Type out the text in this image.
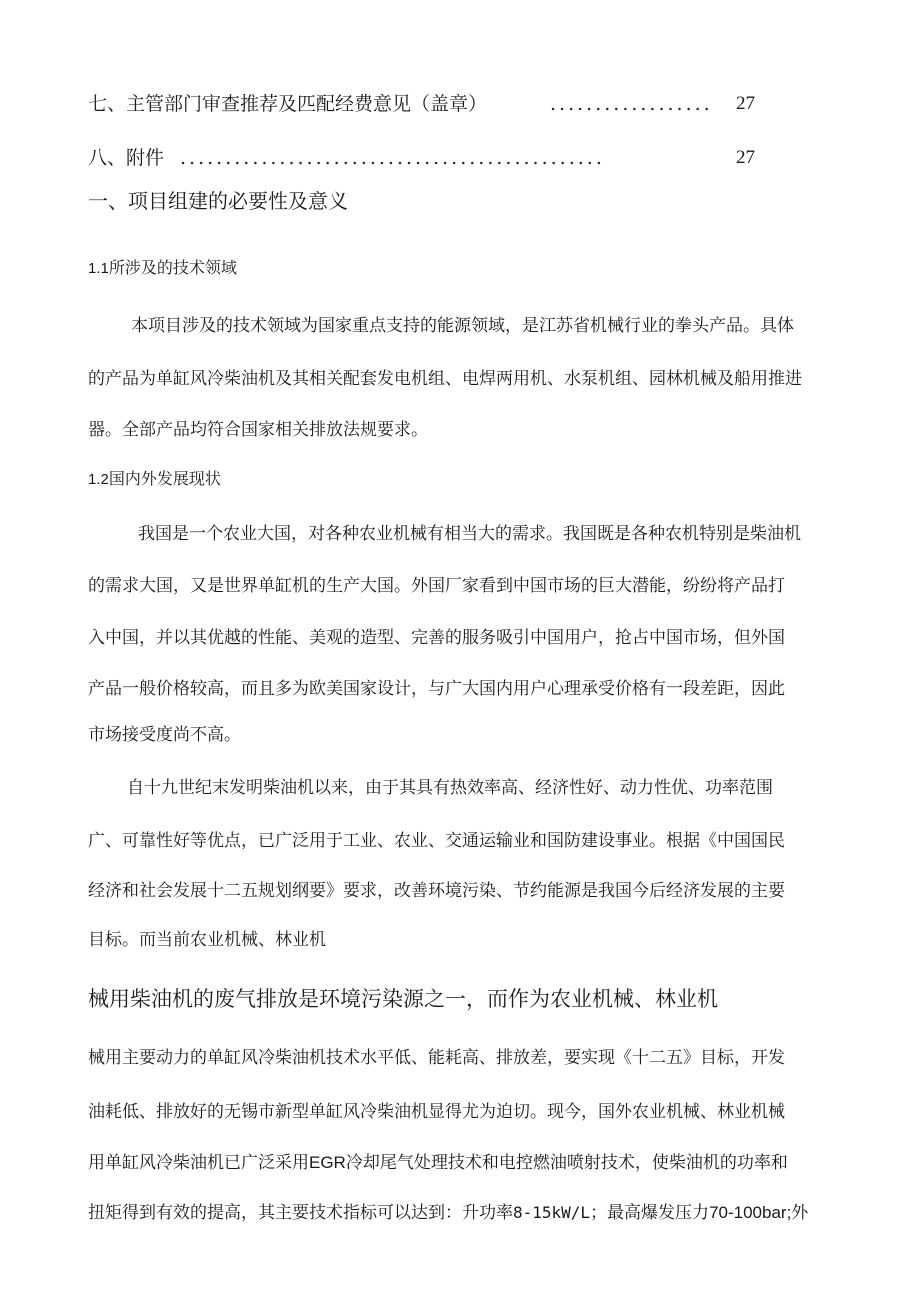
七、主管部门审查推荐及匹配经费意见（盖章）	.................. 27
八、附件 ...............................................	27
一、项目组建的必要性及意义
1.1所涉及的技术领域
本项目涉及的技术领域为国家重点支持的能源领域，是江苏省机械行业的拳头产品。具体
的产品为单缸风冷柴油机及其相关配套发电机组、电焊两用机、水泵机组、园林机械及船用推进
器。全部产品均符合国家相关排放法规要求。
1.2国内外发展现状
我国是一个农业大国，对各种农业机械有相当大的需求。我国既是各种农机特别是柴油机
的需求大国，又是世界单缸机的生产大国。外国厂家看到中国市场的巨大潜能，纷纷将产品打
入中国，并以其优越的性能、美观的造型、完善的服务吸引中国用户，抢占中国市场，但外国
产品一般价格较高，而且多为欧美国家设计，与广大国内用户心理承受价格有一段差距，因此
市场接受度尚不高。
自十九世纪末发明柴油机以来，由于其具有热效率高、经济性好、动力性优、功率范围
广、可靠性好等优点，已广泛用于工业、农业、交通运输业和国防建设事业。根据《中国国民
经济和社会发展十二五规划纲要》要求，改善环境污染、节约能源是我国今后经济发展的主要
目标。而当前农业机械、林业机
械用柴油机的废气排放是环境污染源之一，而作为农业机械、林业机
械用主要动力的单缸风冷柴油机技术水平低、能耗高、排放差，要实现《十二五》目标，开发
油耗低、排放好的无锡市新型单缸风冷柴油机显得尤为迫切。现今，国外农业机械、林业机械
用单缸风冷柴油机已广泛采用EGR冷却尾气处理技术和电控燃油喷射技术，使柴油机的功率和
扭矩得到有效的提高，其主要技术指标可以达到：升功率8-15kW/L；最高爆发压力70-100bar;外
